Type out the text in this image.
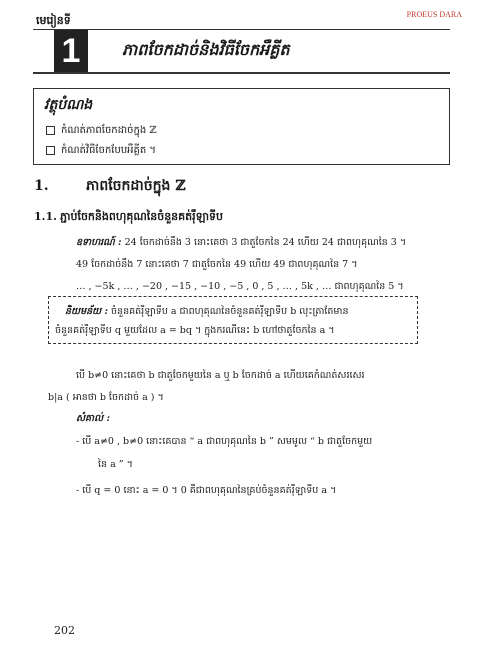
PROEUS DARA
មេរៀនទី
1	ភាពចែកដាច់និងវិធីចែកអឺគ្លីត
វត្ថុបំណង
កំណត់ភាពចែកដាច់ក្នុង ℤ
កំណត់វិធីចែកបែបអឺគ្លីត ។
1.	ភាពចែកដាច់ក្នុង ℤ
1.1. ភ្ជាប់ចែកនិងពហុគុណនៃចំនួនគត់រ៉ឺឡាទីប
ឧទាហរណ៍ : 24 ចែកដាច់នឹង 3 នោះគេថា 3 ជាតួចែកនៃ 24 ហើយ 24 ជាពហុគុណនៃ 3 ។
49 ចែកដាច់នឹង 7 នោះគេថា 7 ជាតួចែកនៃ 49 ហើយ 49 ជាពហុគុណនៃ 7 ។
… , −5k , … , −20 , −15 , −10 , −5 , 0 , 5 , … , 5k , … ជាពហុគុណនៃ 5 ។
និយមន័យ : ចំនួនគត់រ៉ឺឡាទីប a ជាពហុគុណនៃចំនួនគត់រ៉ឺឡាទីប b លុះត្រាតែមាន
ចំនួនគត់រ៉ឺឡាទីប q មួយដែល a = bq ។ ក្នុងករណីនេះ b ហៅថាតួចែកនៃ a ។
បើ b≠0 នោះគេថា b ជាតួចែកមួយនៃ a ឬ b ចែកដាច់ a ហើយគេកំណត់សរសេរ
b|a ( អានថា b ចែកដាច់ a ) ។
សំគាល់ :
- បើ a≠0 , b≠0 នោះគេបាន “ a ជាពហុគុណនៃ b ” សមមូល “ b ជាតួចែកមួយ
នៃ a ” ។
- បើ q = 0 នោះ a = 0 ។ 0 គឺជាពហុគុណនៃគ្រប់ចំនួនគត់រ៉ឺឡាទីប a ។
202
